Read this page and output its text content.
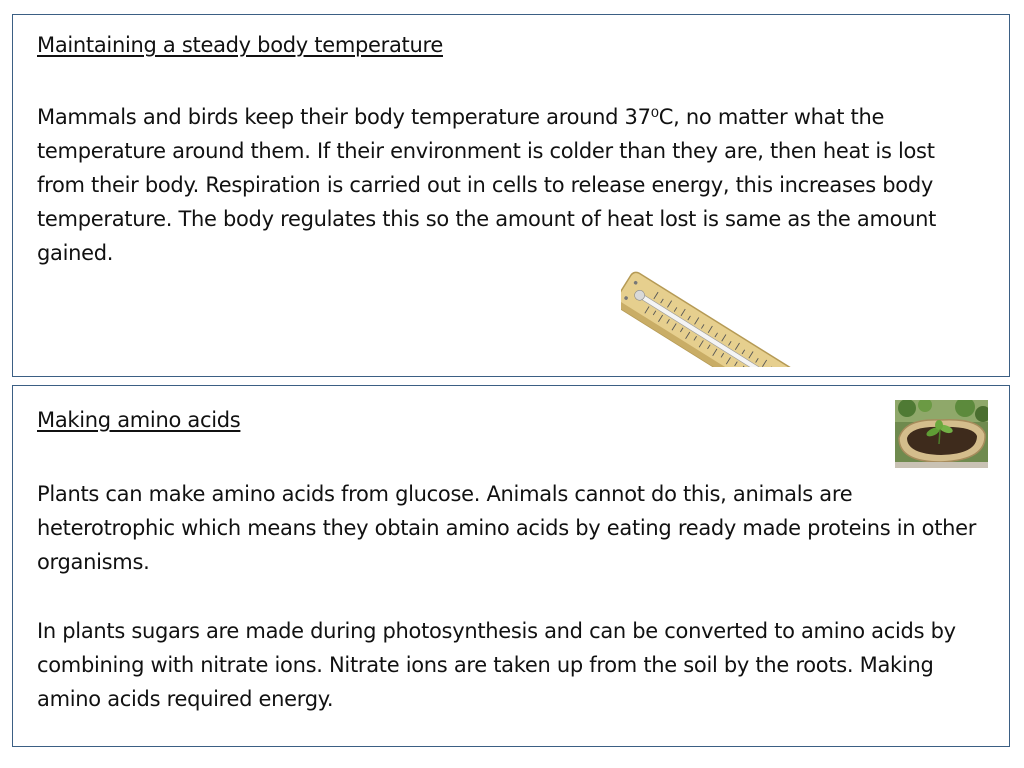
Maintaining a steady body temperature

Mammals and birds keep their body temperature around 37⁰C, no matter what the temperature around them. If their environment is colder than they are, then heat is lost from their body. Respiration is carried out in cells to release energy, this increases body temperature. The body regulates this so the amount of heat lost is same as the amount gained.

Making amino acids

Plants can make amino acids from glucose. Animals cannot do this, animals are heterotrophic which means they obtain amino acids by eating ready made proteins in other organisms.

In plants sugars are made during photosynthesis and can be converted to amino acids by combining with nitrate ions. Nitrate ions are taken up from the soil by the roots. Making amino acids required energy.
